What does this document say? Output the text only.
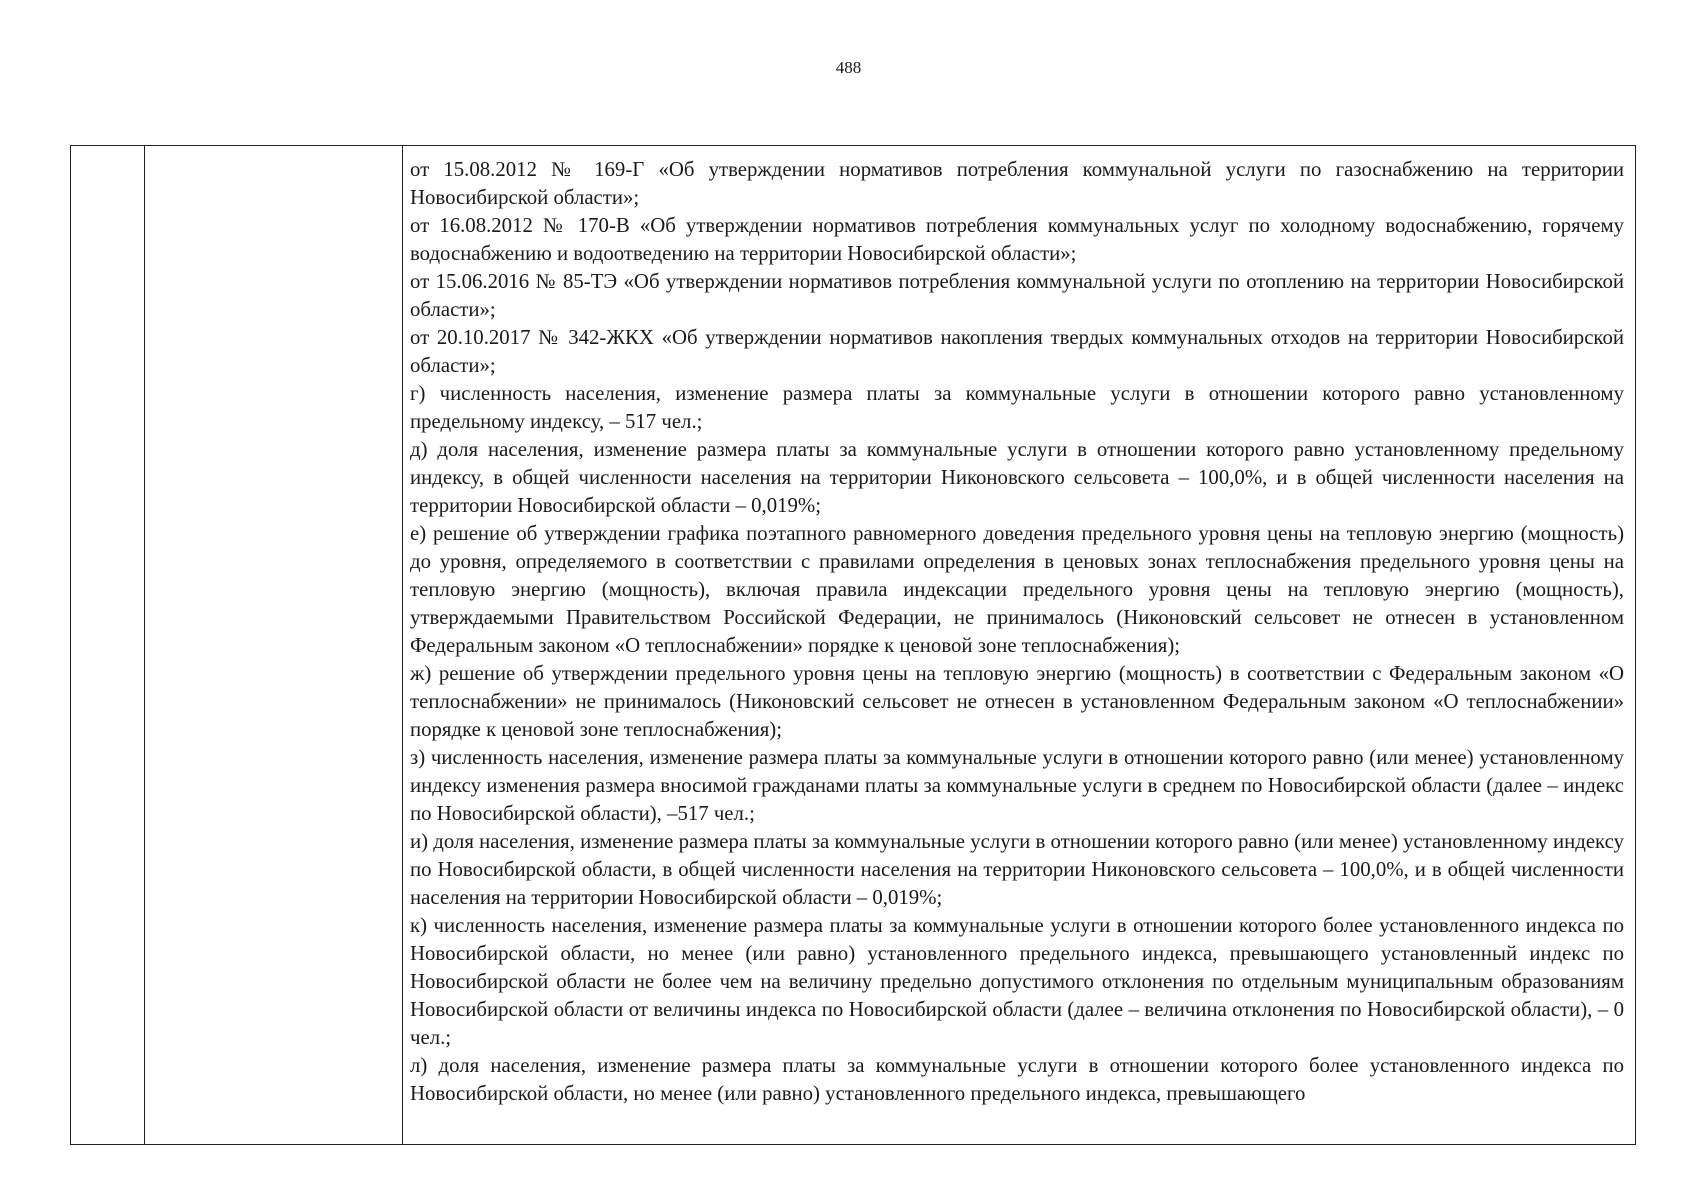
488

от 15.08.2012 № 169-Г «Об утверждении нормативов потребления коммунальной услуги по газоснабжению на территории Новосибирской области»;

от 16.08.2012 № 170-В «Об утверждении нормативов потребления коммунальных услуг по холодному водоснабжению, горячему водоснабжению и водоотведению на территории Новосибирской области»;

от 15.06.2016 № 85-ТЭ «Об утверждении нормативов потребления коммунальной услуги по отоплению на территории Новосибирской области»;

от 20.10.2017 № 342-ЖКХ «Об утверждении нормативов накопления твердых коммунальных отходов на территории Новосибирской области»;

г) численность населения, изменение размера платы за коммунальные услуги в отношении которого равно установленному предельному индексу, – 517 чел.;

д) доля населения, изменение размера платы за коммунальные услуги в отношении которого равно установленному предельному индексу, в общей численности населения на территории Никоновского сельсовета – 100,0%, и в общей численности населения на территории Новосибирской области – 0,019%;

е) решение об утверждении графика поэтапного равномерного доведения предельного уровня цены на тепловую энергию (мощность) до уровня, определяемого в соответствии с правилами определения в ценовых зонах теплоснабжения предельного уровня цены на тепловую энергию (мощность), включая правила индексации предельного уровня цены на тепловую энергию (мощность), утверждаемыми Правительством Российской Федерации, не принималось (Никоновский сельсовет не отнесен в установленном Федеральным законом «О теплоснабжении» порядке к ценовой зоне теплоснабжения);

ж) решение об утверждении предельного уровня цены на тепловую энергию (мощность) в соответствии с Федеральным законом «О теплоснабжении» не принималось (Никоновский сельсовет не отнесен в установленном Федеральным законом «О теплоснабжении» порядке к ценовой зоне теплоснабжения);

з) численность населения, изменение размера платы за коммунальные услуги в отношении которого равно (или менее) установленному индексу изменения размера вносимой гражданами платы за коммунальные услуги в среднем по Новосибирской области (далее – индекс по Новосибирской области), –517 чел.;

и) доля населения, изменение размера платы за коммунальные услуги в отношении которого равно (или менее) установленному индексу по Новосибирской области, в общей численности населения на территории Никоновского сельсовета – 100,0%, и в общей численности населения на территории Новосибирской области – 0,019%;

к) численность населения, изменение размера платы за коммунальные услуги в отношении которого более установленного индекса по Новосибирской области, но менее (или равно) установленного предельного индекса, превышающего установленный индекс по Новосибирской области не более чем на величину предельно допустимого отклонения по отдельным муниципальным образованиям Новосибирской области от величины индекса по Новосибирской области (далее – величина отклонения по Новосибирской области), – 0 чел.;

л) доля населения, изменение размера платы за коммунальные услуги в отношении которого более установленного индекса по Новосибирской области, но менее (или равно) установленного предельного индекса, превышающего
